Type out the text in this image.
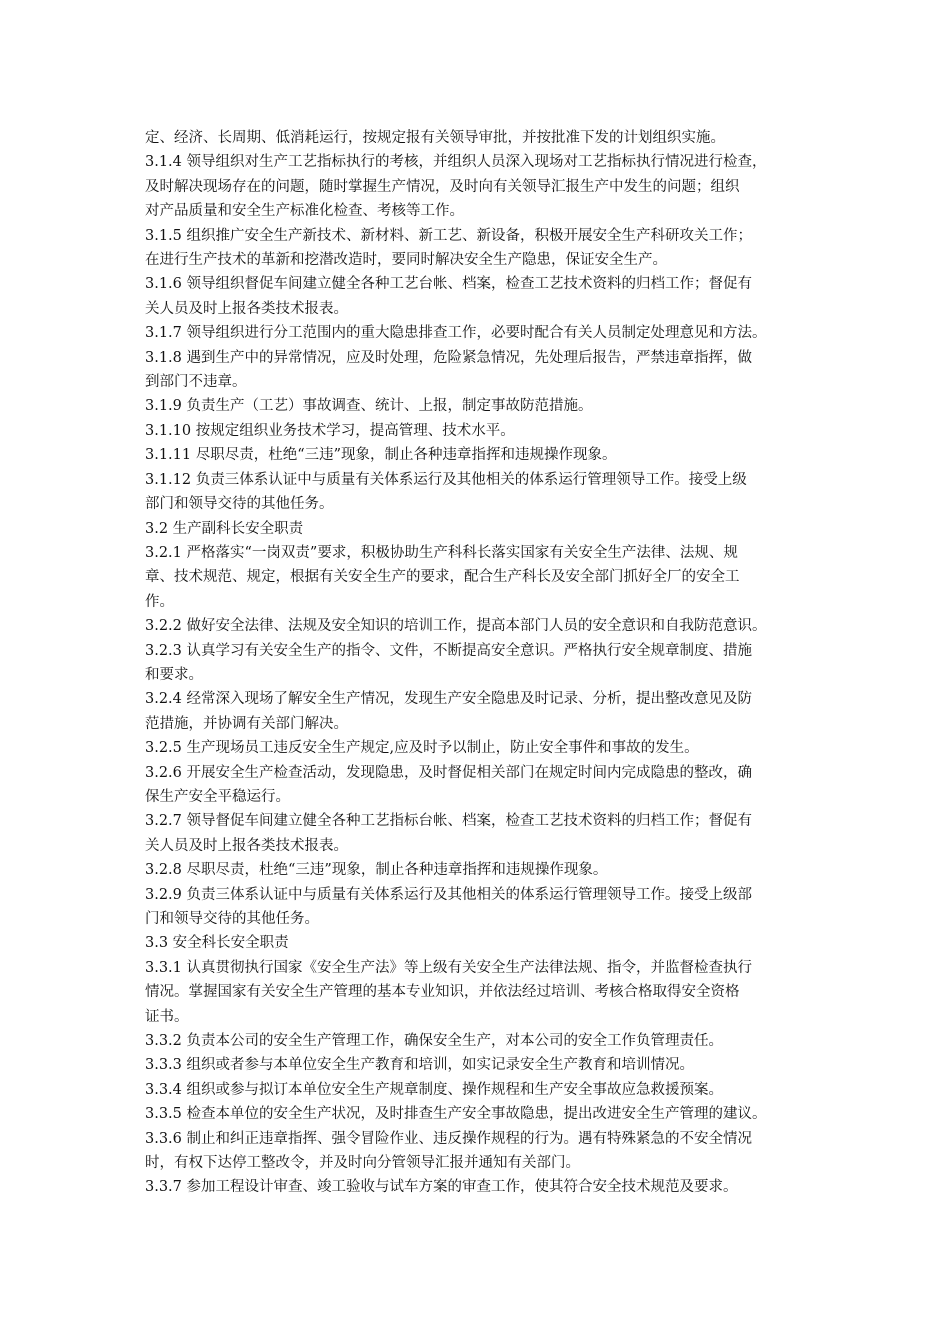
定、经济、长周期、低消耗运行，按规定报有关领导审批，并按批准下发的计划组织实施。

3.1.4 领导组织对生产工艺指标执行的考核，并组织人员深入现场对工艺指标执行情况进行检查，
及时解决现场存在的问题，随时掌握生产情况，及时向有关领导汇报生产中发生的问题；组织
对产品质量和安全生产标准化检查、考核等工作。

3.1.5 组织推广安全生产新技术、新材料、新工艺、新设备，积极开展安全生产科研攻关工作；
在进行生产技术的革新和挖潜改造时，要同时解决安全生产隐患，保证安全生产。

3.1.6 领导组织督促车间建立健全各种工艺台帐、档案，检查工艺技术资料的归档工作；督促有
关人员及时上报各类技术报表。

3.1.7 领导组织进行分工范围内的重大隐患排查工作，必要时配合有关人员制定处理意见和方法。

3.1.8 遇到生产中的异常情况，应及时处理，危险紧急情况，先处理后报告，严禁违章指挥，做
到部门不违章。

3.1.9 负责生产（工艺）事故调查、统计、上报，制定事故防范措施。

3.1.10 按规定组织业务技术学习，提高管理、技术水平。

3.1.11 尽职尽责，杜绝“三违”现象，制止各种违章指挥和违规操作现象。

3.1.12 负责三体系认证中与质量有关体系运行及其他相关的体系运行管理领导工作。接受上级
部门和领导交待的其他任务。

3.2 生产副科长安全职责

3.2.1 严格落实“一岗双责”要求，积极协助生产科科长落实国家有关安全生产法律、法规、规
章、技术规范、规定，根据有关安全生产的要求，配合生产科长及安全部门抓好全厂的安全工
作。

3.2.2 做好安全法律、法规及安全知识的培训工作，提高本部门人员的安全意识和自我防范意识。

3.2.3 认真学习有关安全生产的指令、文件，不断提高安全意识。严格执行安全规章制度、措施
和要求。

3.2.4 经常深入现场了解安全生产情况，发现生产安全隐患及时记录、分析，提出整改意见及防
范措施，并协调有关部门解决。

3.2.5 生产现场员工违反安全生产规定,应及时予以制止，防止安全事件和事故的发生。

3.2.6 开展安全生产检查活动，发现隐患，及时督促相关部门在规定时间内完成隐患的整改，确
保生产安全平稳运行。

3.2.7 领导督促车间建立健全各种工艺指标台帐、档案，检查工艺技术资料的归档工作；督促有
关人员及时上报各类技术报表。

3.2.8 尽职尽责，杜绝“三违”现象，制止各种违章指挥和违规操作现象。

3.2.9 负责三体系认证中与质量有关体系运行及其他相关的体系运行管理领导工作。接受上级部
门和领导交待的其他任务。

3.3 安全科长安全职责

3.3.1 认真贯彻执行国家《安全生产法》等上级有关安全生产法律法规、指令，并监督检查执行
情况。掌握国家有关安全生产管理的基本专业知识，并依法经过培训、考核合格取得安全资格
证书。

3.3.2 负责本公司的安全生产管理工作，确保安全生产，对本公司的安全工作负管理责任。

3.3.3 组织或者参与本单位安全生产教育和培训，如实记录安全生产教育和培训情况。

3.3.4 组织或参与拟订本单位安全生产规章制度、操作规程和生产安全事故应急救援预案。

3.3.5 检查本单位的安全生产状况，及时排查生产安全事故隐患，提出改进安全生产管理的建议。

3.3.6 制止和纠正违章指挥、强令冒险作业、违反操作规程的行为。遇有特殊紧急的不安全情况
时，有权下达停工整改令，并及时向分管领导汇报并通知有关部门。

3.3.7 参加工程设计审查、竣工验收与试车方案的审查工作，使其符合安全技术规范及要求。
